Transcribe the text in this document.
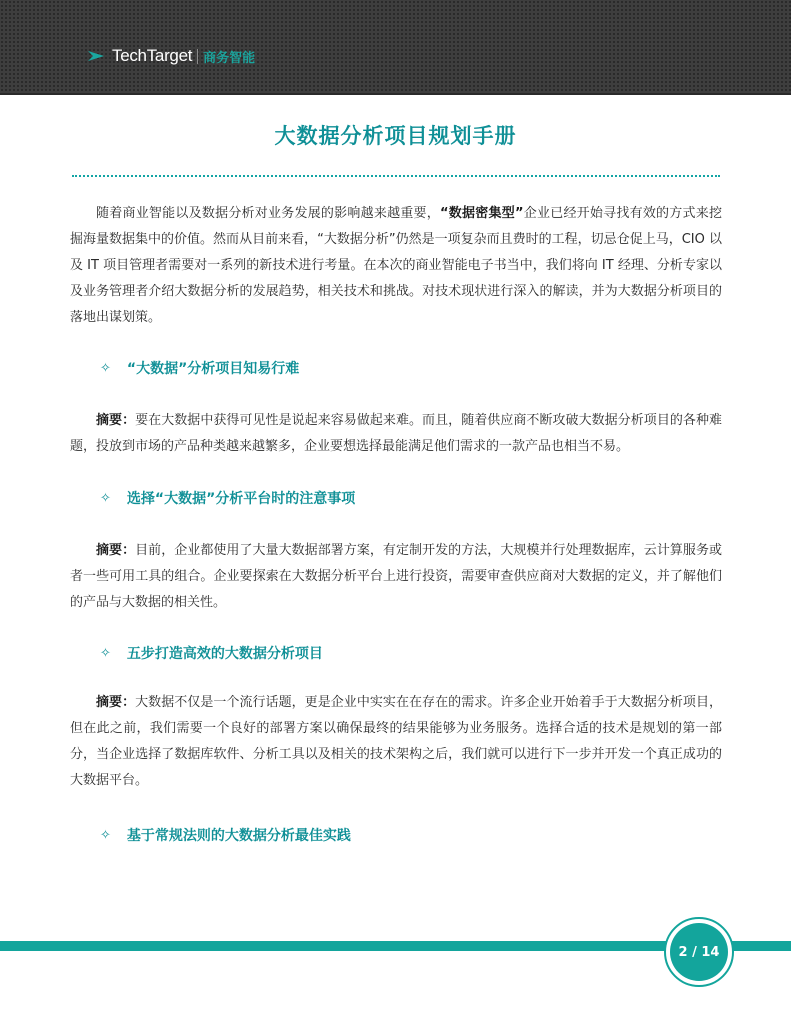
TechTarget 商务智能
大数据分析项目规划手册

随着商业智能以及数据分析对业务发展的影响越来越重要，“数据密集型”企业已经开始寻找有效的方式来挖掘海量数据集中的价值。然而从目前来看，“大数据分析”仍然是一项复杂而且费时的工程，切忌仓促上马，CIO 以及 IT 项目管理者需要对一系列的新技术进行考量。在本次的商业智能电子书当中，我们将向 IT 经理、分析专家以及业务管理者介绍大数据分析的发展趋势，相关技术和挑战。对技术现状进行深入的解读，并为大数据分析项目的落地出谋划策。

✧ “大数据”分析项目知易行难

摘要：要在大数据中获得可见性是说起来容易做起来难。而且，随着供应商不断攻破大数据分析项目的各种难题，投放到市场的产品种类越来越繁多，企业要想选择最能满足他们需求的一款产品也相当不易。

✧ 选择“大数据”分析平台时的注意事项

摘要：目前，企业都使用了大量大数据部署方案，有定制开发的方法，大规模并行处理数据库，云计算服务或者一些可用工具的组合。企业要探索在大数据分析平台上进行投资，需要审查供应商对大数据的定义，并了解他们的产品与大数据的相关性。

✧ 五步打造高效的大数据分析项目

摘要：大数据不仅是一个流行话题，更是企业中实实在在存在的需求。许多企业开始着手于大数据分析项目，但在此之前，我们需要一个良好的部署方案以确保最终的结果能够为业务服务。选择合适的技术是规划的第一部分，当企业选择了数据库软件、分析工具以及相关的技术架构之后，我们就可以进行下一步并开发一个真正成功的大数据平台。

✧ 基于常规法则的大数据分析最佳实践
2 / 14
